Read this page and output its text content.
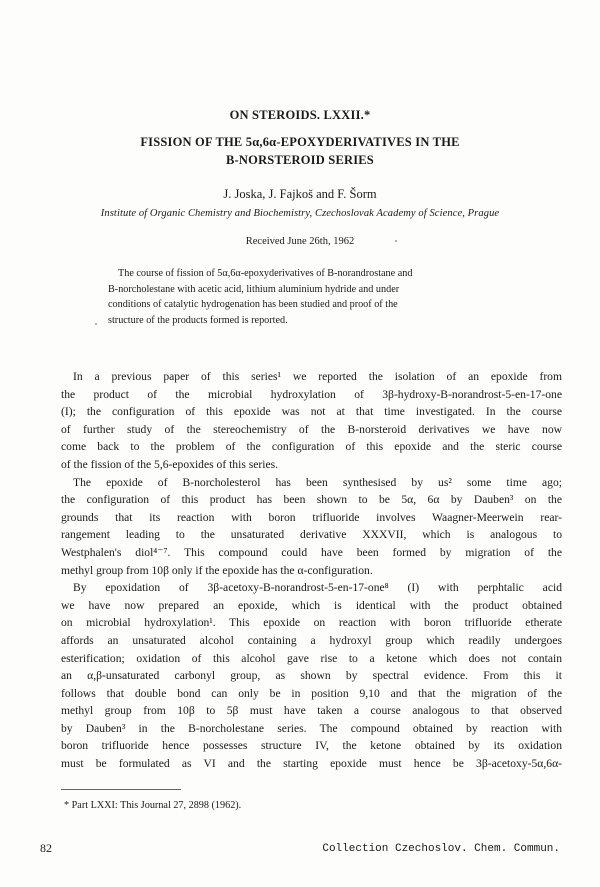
ON STEROIDS. LXXII.*
FISSION OF THE 5α,6α-EPOXYDERIVATIVES IN THE
B-NORSTEROID SERIES
J. Joska, J. Fajkoš and F. Šorm
Institute of Organic Chemistry and Biochemistry, Czechoslovak Academy of Science, Prague
Received June 26th, 1962
The course of fission of 5α,6α-epoxyderivatives of B-norandrostane and
B-norcholestane with acetic acid, lithium aluminium hydride and under
conditions of catalytic hydrogenation has been studied and proof of the
structure of the products formed is reported.
In a previous paper of this series¹ we reported the isolation of an epoxide from
the product of the microbial hydroxylation of 3β-hydroxy-B-norandrost-5-en-17-one
(I); the configuration of this epoxide was not at that time investigated. In the course
of further study of the stereochemistry of the B-norsteroid derivatives we have now
come back to the problem of the configuration of this epoxide and the steric course
of the fission of the 5,6-epoxides of this series.
The epoxide of B-norcholesterol has been synthesised by us² some time ago;
the configuration of this product has been shown to be 5α, 6α by Dauben³ on the
grounds that its reaction with boron trifluoride involves Waagner-Meerwein rear-
rangement leading to the unsaturated derivative XXXVII, which is analogous to
Westphalen's diol⁴⁻⁷. This compound could have been formed by migration of the
methyl group from 10β only if the epoxide has the α-configuration.
By epoxidation of 3β-acetoxy-B-norandrost-5-en-17-one⁸ (I) with perphtalic acid
we have now prepared an epoxide, which is identical with the product obtained
on microbial hydroxylation¹. This epoxide on reaction with boron trifluoride etherate
affords an unsaturated alcohol containing a hydroxyl group which readily undergoes
esterification; oxidation of this alcohol gave rise to a ketone which does not contain
an α,β-unsaturated carbonyl group, as shown by spectral evidence. From this it
follows that double bond can only be in position 9,10 and that the migration of the
methyl group from 10β to 5β must have taken a course analogous to that observed
by Dauben³ in the B-norcholestane series. The compound obtained by reaction with
boron trifluoride hence possesses structure IV, the ketone obtained by its oxidation
must be formulated as VI and the starting epoxide must hence be 3β-acetoxy-5α,6α-
* Part LXXI: This Journal 27, 2898 (1962).
82	Collection Czechoslov. Chem. Commun.
